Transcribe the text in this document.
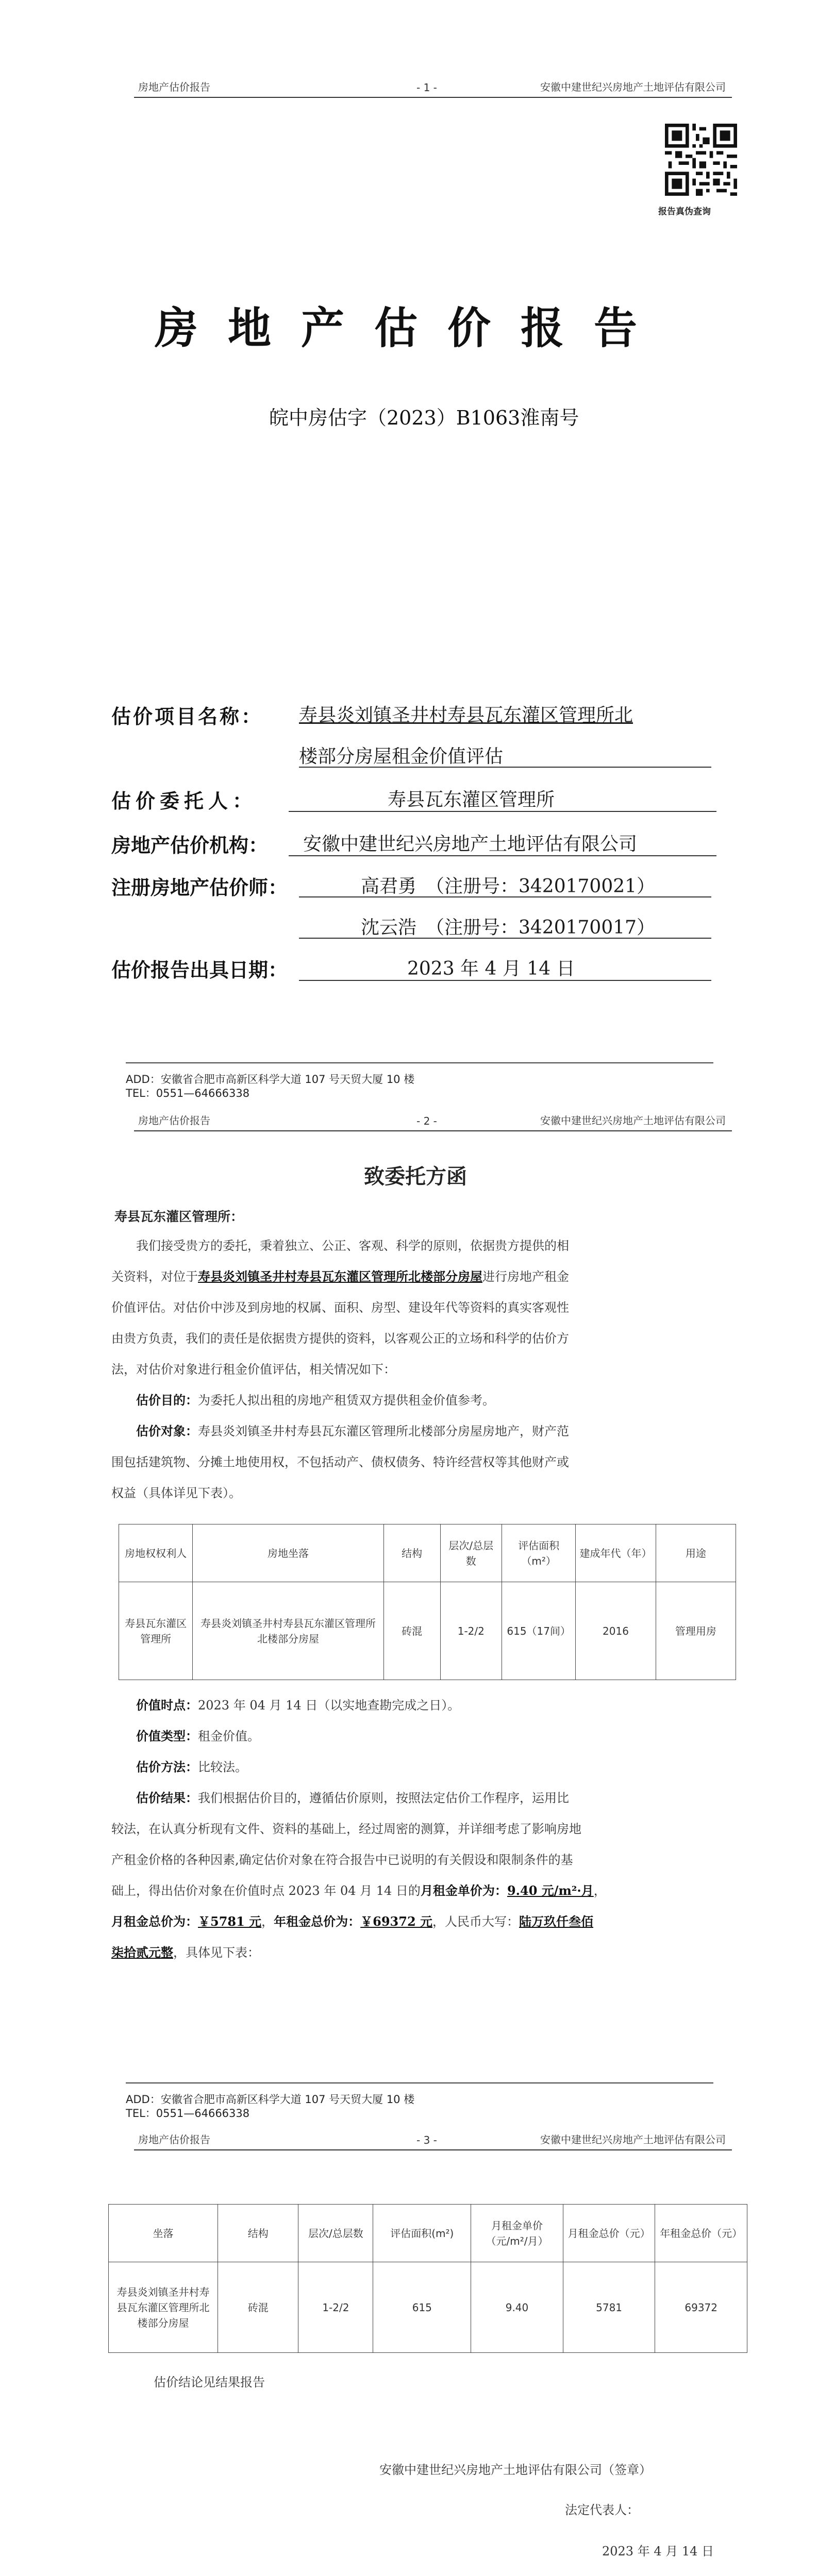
房地产估价报告	- 1 -	安徽中建世纪兴房地产土地评估有限公司
报告真伪查询
房地产估价报告
皖中房估字（2023）B1063淮南号
估价项目名称： 寿县炎刘镇圣井村寿县瓦东灌区管理所北
楼部分房屋租金价值评估
估价委托人：	寿县瓦东灌区管理所
房地产估价机构： 安徽中建世纪兴房地产土地评估有限公司
注册房地产估价师：	高君勇　（注册号：3420170021）
沈云浩　（注册号：3420170017）
估价报告出具日期：	2023 年 4 月 14 日
ADD：安徽省合肥市高新区科学大道 107 号天贸大厦 10 楼
TEL：0551—64666338
房地产估价报告	- 2 -	安徽中建世纪兴房地产土地评估有限公司
致委托方函
寿县瓦东灌区管理所：
我们接受贵方的委托，秉着独立、公正、客观、科学的原则，依据贵方提供的相
关资料，对位于寿县炎刘镇圣井村寿县瓦东灌区管理所北楼部分房屋进行房地产租金
价值评估。对估价中涉及到房地的权属、面积、房型、建设年代等资料的真实客观性
由贵方负责，我们的责任是依据贵方提供的资料，以客观公正的立场和科学的估价方
法，对估价对象进行租金价值评估，相关情况如下：
估价目的：为委托人拟出租的房地产租赁双方提供租金价值参考。
估价对象：寿县炎刘镇圣井村寿县瓦东灌区管理所北楼部分房屋房地产，财产范
围包括建筑物、分摊土地使用权，不包括动产、债权债务、特许经营权等其他财产或
权益（具体详见下表）。
房地权权利人	房地坐落	结构	层次/总层数	评估面积（m²）	建成年代（年）	用途
寿县瓦东灌区管理所	寿县炎刘镇圣井村寿县瓦东灌区管理所北楼部分房屋	砖混	1-2/2	615（17间）	2016	管理用房
价值时点：2023 年 04 月 14 日（以实地查勘完成之日）。
价值类型：租金价值。
估价方法：比较法。
估价结果：我们根据估价目的，遵循估价原则，按照法定估价工作程序，运用比
较法，在认真分析现有文件、资料的基础上，经过周密的测算，并详细考虑了影响房地
产租金价格的各种因素,确定估价对象在符合报告中已说明的有关假设和限制条件的基
础上，得出估价对象在价值时点 2023 年 04 月 14 日的月租金单价为：9.40 元/m²·月，
月租金总价为：￥5781 元，年租金总价为：￥69372 元，人民币大写：陆万玖仟叁佰
柒拾贰元整，具体见下表：
ADD：安徽省合肥市高新区科学大道 107 号天贸大厦 10 楼
TEL：0551—64666338
房地产估价报告	- 3 -	安徽中建世纪兴房地产土地评估有限公司
坐落	结构	层次/总层数	评估面积(m²)	月租金单价（元/m²/月）	月租金总价（元）	年租金总价（元）
寿县炎刘镇圣井村寿县瓦东灌区管理所北楼部分房屋	砖混	1-2/2	615	9.40	5781	69372
估价结论见结果报告
安徽中建世纪兴房地产土地评估有限公司（签章）
法定代表人：
2023 年 4 月 14 日
